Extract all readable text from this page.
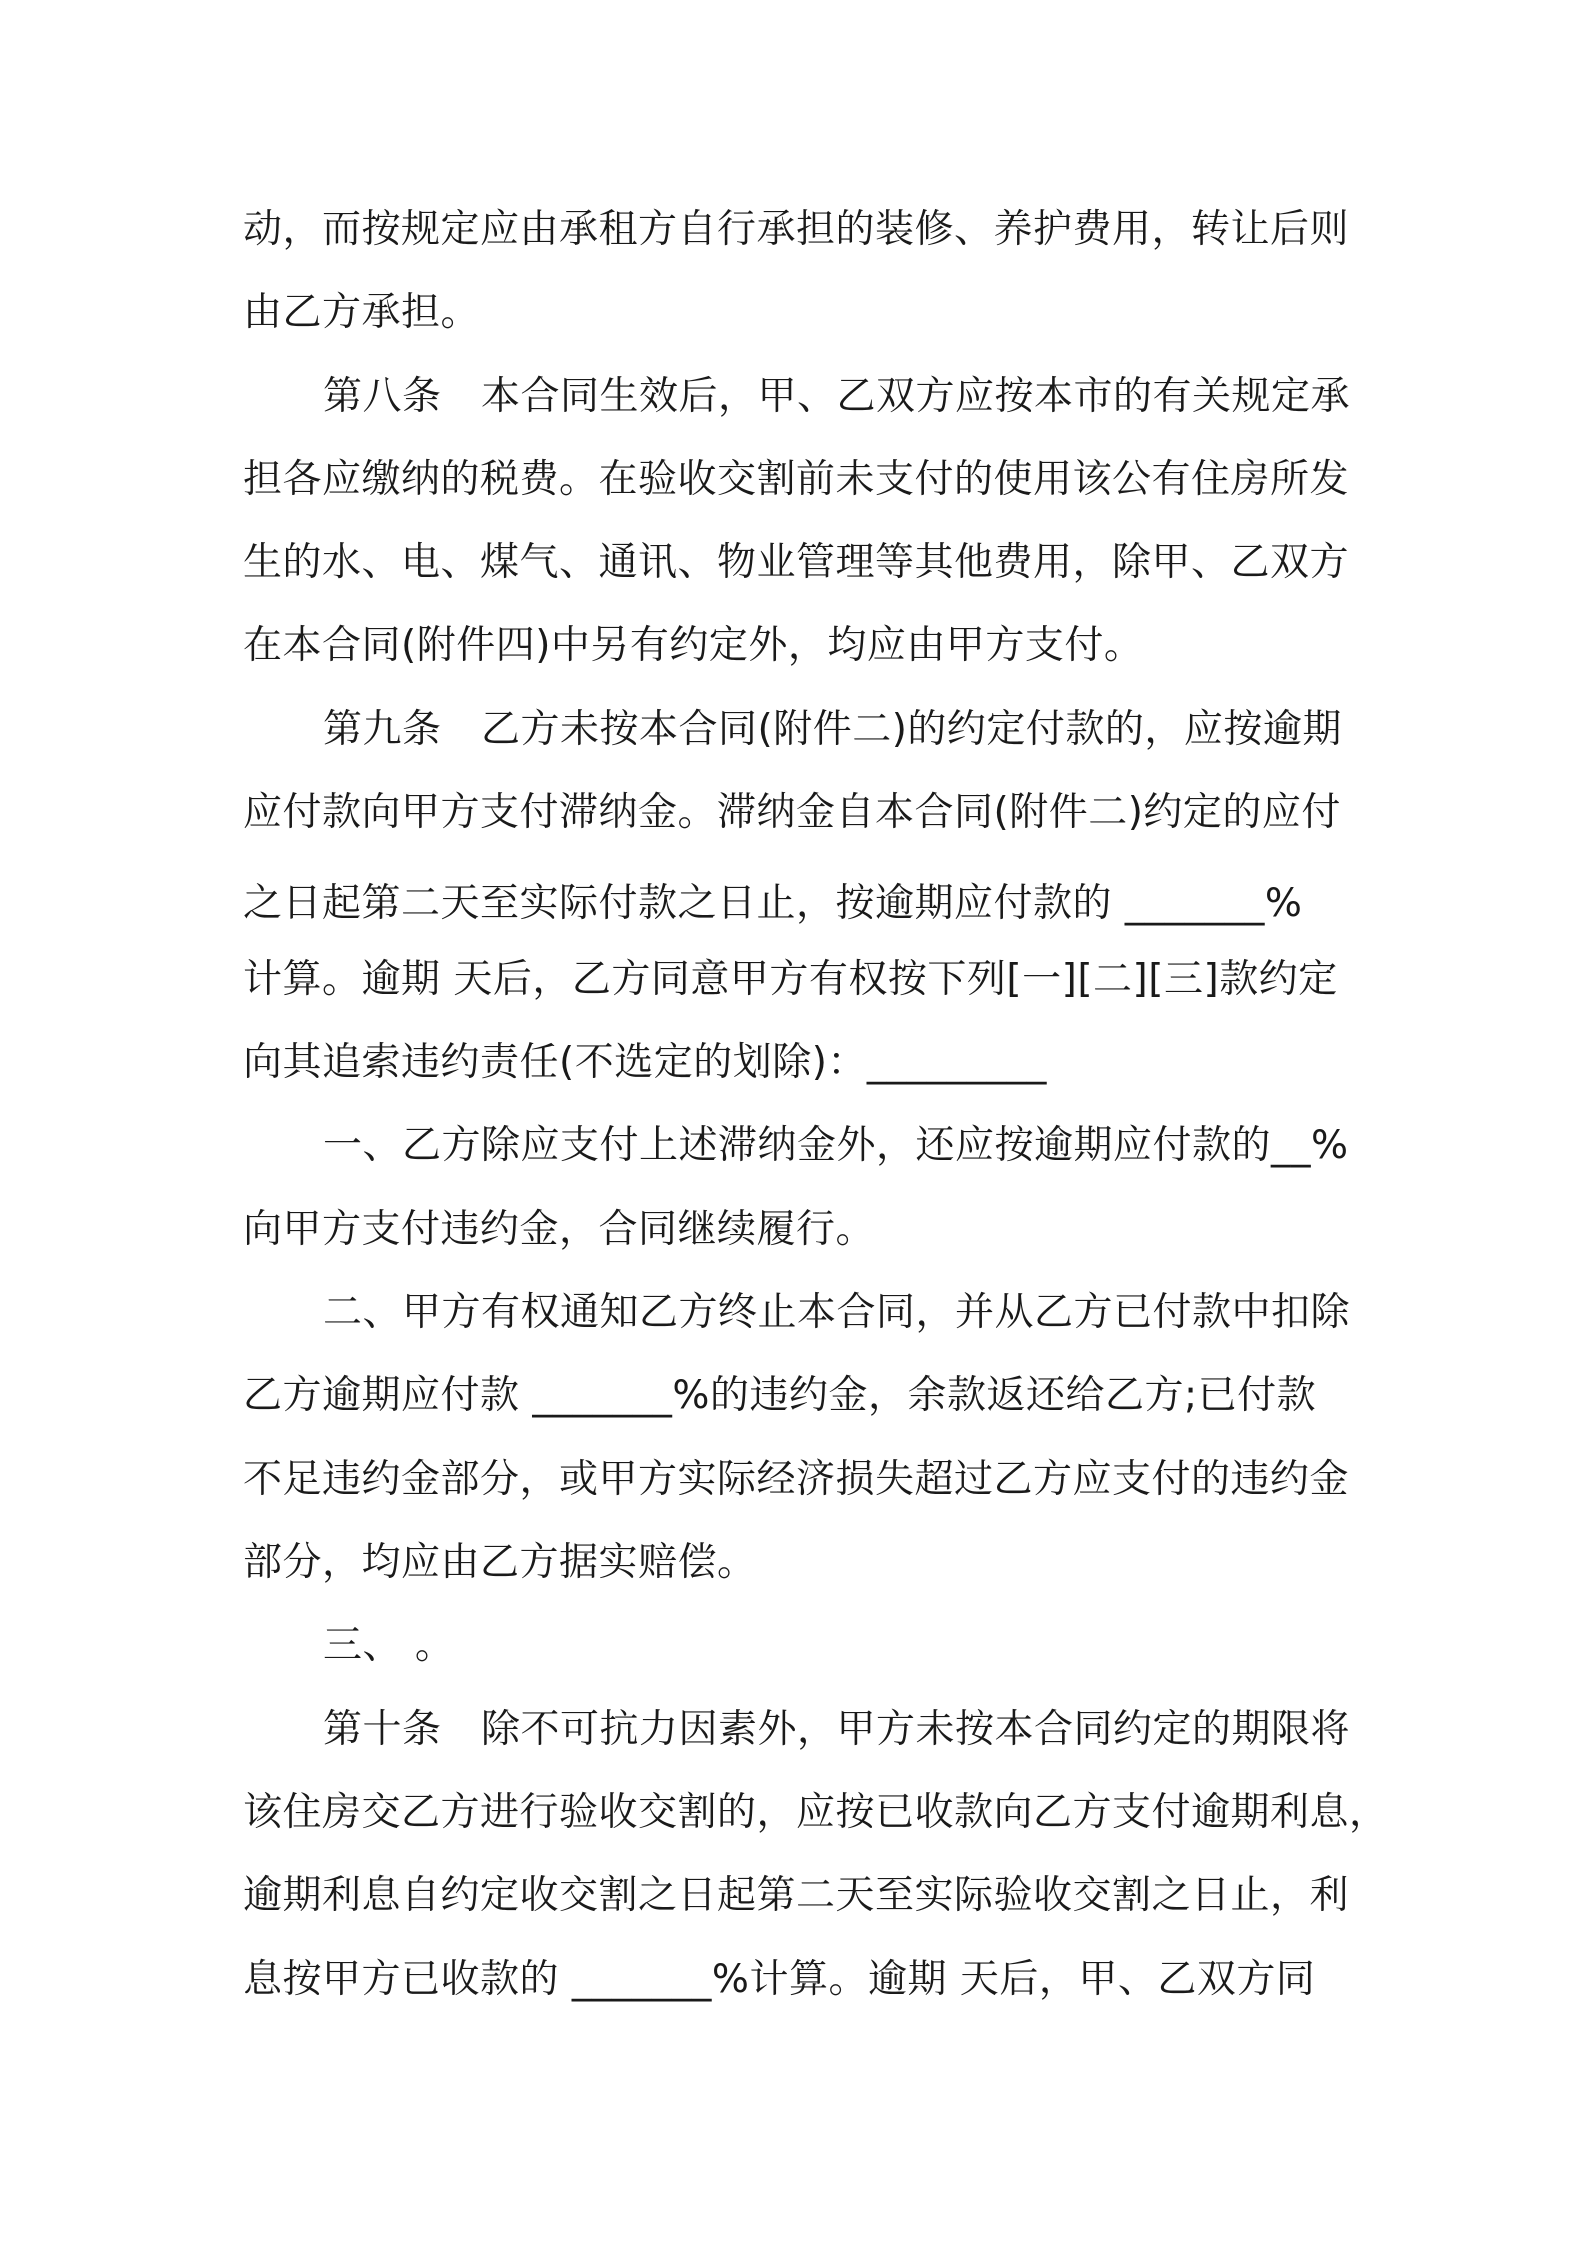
动，而按规定应由承租方自行承担的装修、养护费用，转让后则
由乙方承担。
第八条　本合同生效后，甲、乙双方应按本市的有关规定承
担各应缴纳的税费。在验收交割前未支付的使用该公有住房所发
生的水、电、煤气、通讯、物业管理等其他费用，除甲、乙双方
在本合同(附件四)中另有约定外，均应由甲方支付。
第九条　乙方未按本合同(附件二)的约定付款的，应按逾期
应付款向甲方支付滞纳金。滞纳金自本合同(附件二)约定的应付
之日起第二天至实际付款之日止，按逾期应付款的 _______%
计算。逾期 天后，乙方同意甲方有权按下列[一][二][三]款约定
向其追索违约责任(不选定的划除)：_________
一、乙方除应支付上述滞纳金外，还应按逾期应付款的__%
向甲方支付违约金，合同继续履行。
二、甲方有权通知乙方终止本合同，并从乙方已付款中扣除
乙方逾期应付款 _______%的违约金，余款返还给乙方;已付款
不足违约金部分，或甲方实际经济损失超过乙方应支付的违约金
部分，均应由乙方据实赔偿。
三、 。
第十条　除不可抗力因素外，甲方未按本合同约定的期限将
该住房交乙方进行验收交割的，应按已收款向乙方支付逾期利息，
逾期利息自约定收交割之日起第二天至实际验收交割之日止，利
息按甲方已收款的 _______%计算。逾期 天后，甲、乙双方同
